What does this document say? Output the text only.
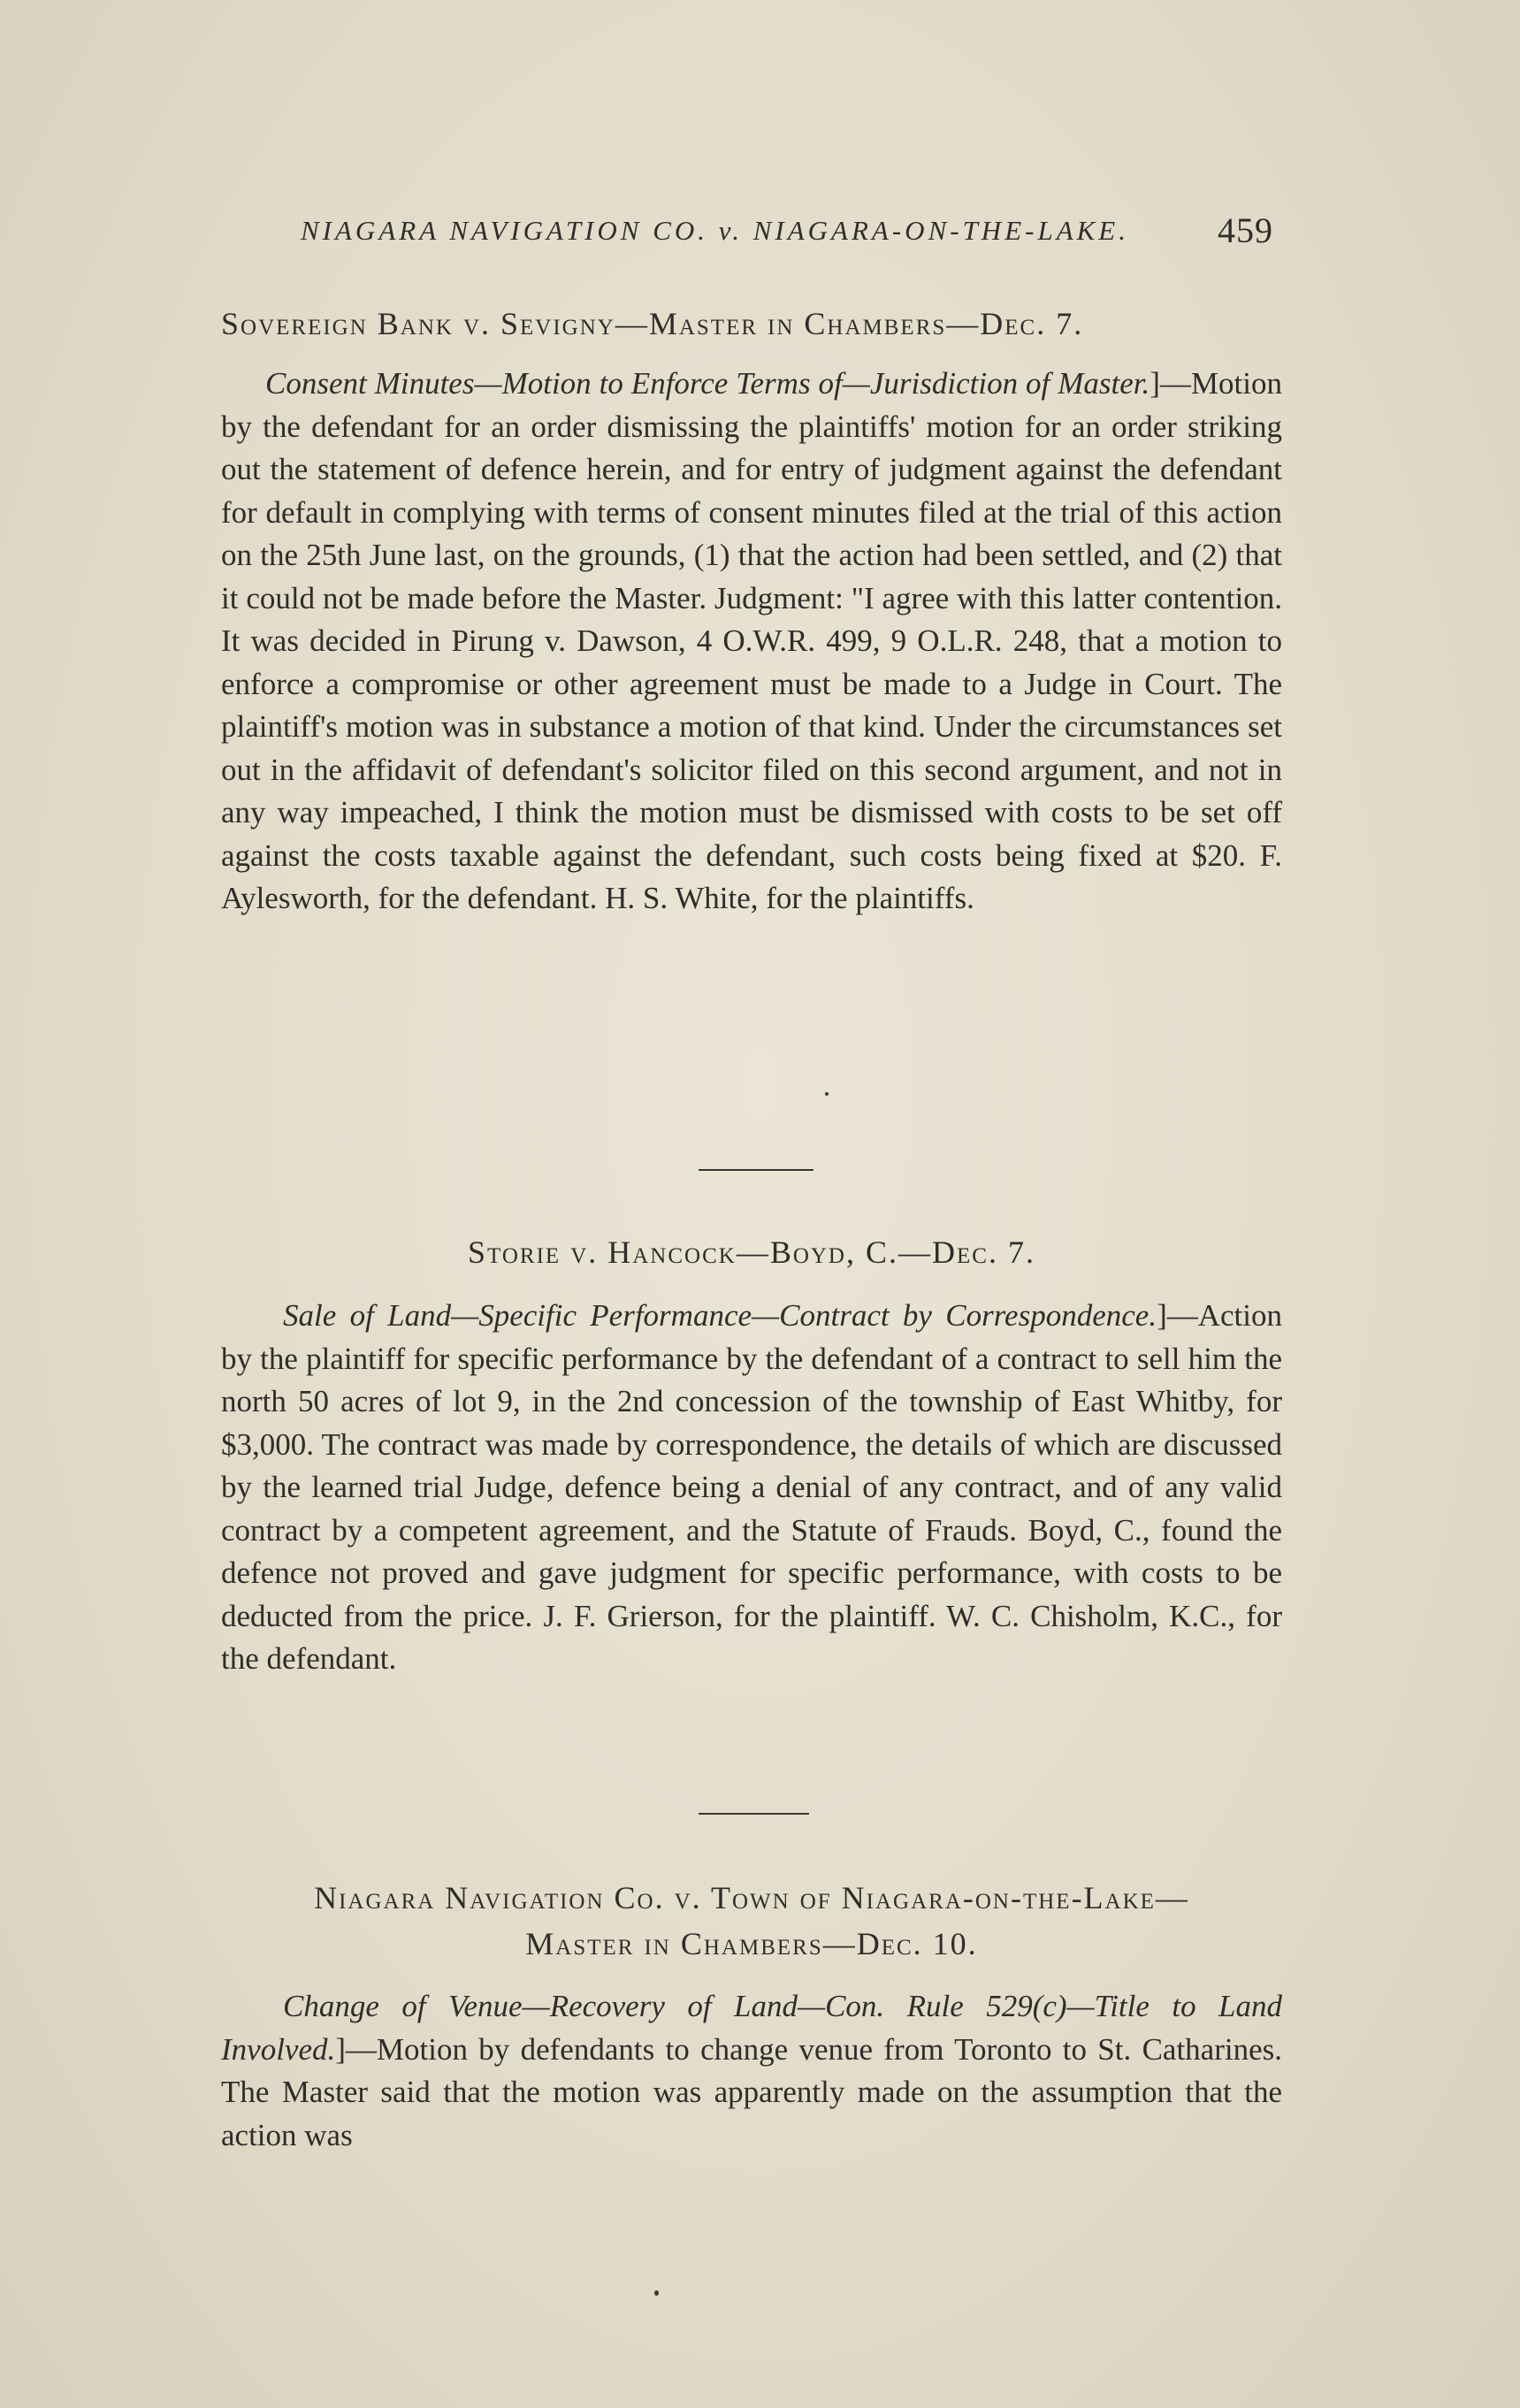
NIAGARA NAVIGATION CO. v. NIAGARA-ON-THE-LAKE.	459
Sovereign Bank v. Sevigny—Master in Chambers—Dec. 7.

Consent Minutes—Motion to Enforce Terms of—Jurisdiction of Master.]—Motion by the defendant for an order dismissing the plaintiffs' motion for an order striking out the statement of defence herein, and for entry of judgment against the defendant for default in complying with terms of consent minutes filed at the trial of this action on the 25th June last, on the grounds, (1) that the action had been settled, and (2) that it could not be made before the Master. Judgment: "I agree with this latter contention. It was decided in Pirung v. Dawson, 4 O.W.R. 499, 9 O.L.R. 248, that a motion to enforce a compromise or other agreement must be made to a Judge in Court. The plaintiff's motion was in substance a motion of that kind. Under the circumstances set out in the affidavit of defendant's solicitor filed on this second argument, and not in any way impeached, I think the motion must be dismissed with costs to be set off against the costs taxable against the defendant, such costs being fixed at $20. F. Aylesworth, for the defendant. H. S. White, for the plaintiffs.

Storie v. Hancock—Boyd, C.—Dec. 7.

Sale of Land—Specific Performance—Contract by Correspondence.]—Action by the plaintiff for specific performance by the defendant of a contract to sell him the north 50 acres of lot 9, in the 2nd concession of the township of East Whitby, for $3,000. The contract was made by correspondence, the details of which are discussed by the learned trial Judge, defence being a denial of any contract, and of any valid contract by a competent agreement, and the Statute of Frauds. Boyd, C., found the defence not proved and gave judgment for specific performance, with costs to be deducted from the price. J. F. Grierson, for the plaintiff. W. C. Chisholm, K.C., for the defendant.

Niagara Navigation Co. v. Town of Niagara-on-the-Lake—
Master in Chambers—Dec. 10.

Change of Venue—Recovery of Land—Con. Rule 529(c)—Title to Land Involved.]—Motion by defendants to change venue from Toronto to St. Catharines. The Master said that the motion was apparently made on the assumption that the action was
